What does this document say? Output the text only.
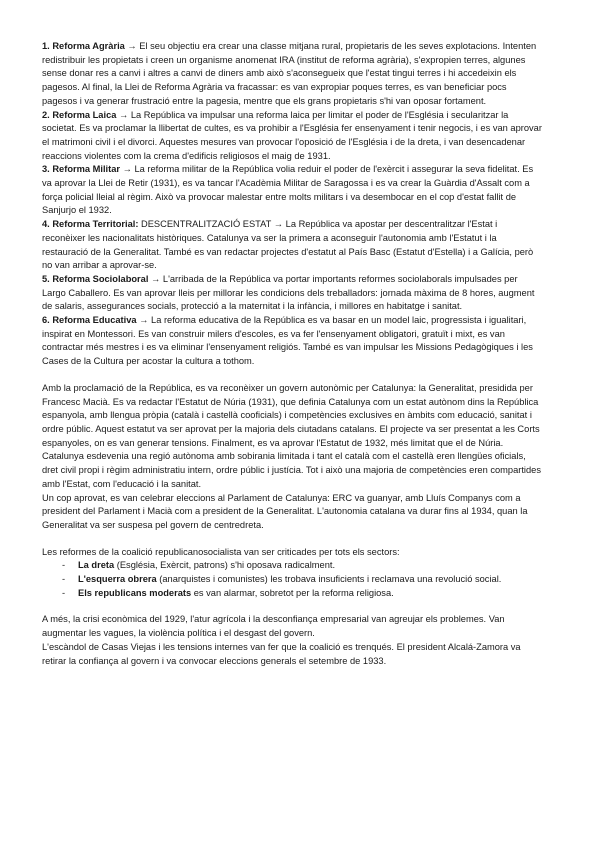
1. Reforma Agrària → El seu objectiu era crear una classe mitjana rural, propietaris de les seves explotacions. Intenten redistribuir les propietats i creen un organisme anomenat IRA (institut de reforma agrària), s'expropien terres, algunes sense donar res a canvi i altres a canvi de diners amb això s'aconsegueix que l'estat tingui terres i hi accedeixin els pagesos. Al final, la Llei de Reforma Agrària va fracassar: es van expropiar poques terres, es van beneficiar pocs pagesos i va generar frustració entre la pagesia, mentre que els grans propietaris s'hi van oposar fortament.

2. Reforma Laica → La República va impulsar una reforma laica per limitar el poder de l'Església i secularitzar la societat. Es va proclamar la llibertat de cultes, es va prohibir a l'Església fer ensenyament i tenir negocis, i es van aprovar el matrimoni civil i el divorci. Aquestes mesures van provocar l'oposició de l'Església i de la dreta, i van desencadenar reaccions violentes com la crema d'edificis religiosos el maig de 1931.

3. Reforma Militar → La reforma militar de la República volia reduir el poder de l'exèrcit i assegurar la seva fidelitat. Es va aprovar la Llei de Retir (1931), es va tancar l'Acadèmia Militar de Saragossa i es va crear la Guàrdia d'Assalt com a força policial lleial al règim. Això va provocar malestar entre molts militars i va desembocar en el cop d'estat fallit de Sanjurjo el 1932.

4. Reforma Territorial: DESCENTRALITZACIÓ ESTAT → La República va apostar per descentralitzar l'Estat i reconèixer les nacionalitats històriques. Catalunya va ser la primera a aconseguir l'autonomia amb l'Estatut i la restauració de la Generalitat. També es van redactar projectes d'estatut al País Basc (Estatut d'Estella) i a Galícia, però no van arribar a aprovar-se.

5. Reforma Sociolaboral → L'arribada de la República va portar importants reformes sociolaborals impulsades per Largo Caballero. Es van aprovar lleis per millorar les condicions dels treballadors: jornada màxima de 8 hores, augment de salaris, assegurances socials, protecció a la maternitat i la infància, i millores en habitatge i sanitat.

6. Reforma Educativa → La reforma educativa de la República es va basar en un model laic, progressista i igualitari, inspirat en Montessori. Es van construir milers d'escoles, es va fer l'ensenyament obligatori, gratuït i mixt, es van contractar més mestres i es va eliminar l'ensenyament religiós. També es van impulsar les Missions Pedagògiques i les Cases de la Cultura per acostar la cultura a tothom.

Amb la proclamació de la República, es va reconèixer un govern autonòmic per Catalunya: la Generalitat, presidida per Francesc Macià. Es va redactar l'Estatut de Núria (1931), que definia Catalunya com un estat autònom dins la República espanyola, amb llengua pròpia (català i castellà cooficials) i competències exclusives en àmbits com educació, sanitat i ordre públic. Aquest estatut va ser aprovat per la majoria dels ciutadans catalans. El projecte va ser presentat a les Corts espanyoles, on es van generar tensions. Finalment, es va aprovar l'Estatut de 1932, més limitat que el de Núria. Catalunya esdevenia una regió autònoma amb sobirania limitada i tant el català com el castellà eren llengües oficials, dret civil propi i règim administratiu intern, ordre públic i justícia. Tot i això una majoria de competències eren compartides amb l'Estat, com l'educació i la sanitat.

Un cop aprovat, es van celebrar eleccions al Parlament de Catalunya: ERC va guanyar, amb Lluís Companys com a president del Parlament i Macià com a president de la Generalitat. L'autonomia catalana va durar fins al 1934, quan la Generalitat va ser suspesa pel govern de centredreta.

Les reformes de la coalició republicanosocialista van ser criticades per tots els sectors:

- La dreta (Església, Exèrcit, patrons) s'hi oposava radicalment.
- L'esquerra obrera (anarquistes i comunistes) les trobava insuficients i reclamava una revolució social.
- Els republicans moderats es van alarmar, sobretot per la reforma religiosa.

A més, la crisi econòmica del 1929, l'atur agrícola i la desconfiança empresarial van agreujar els problemes. Van augmentar les vagues, la violència política i el desgast del govern.

L'escàndol de Casas Viejas i les tensions internes van fer que la coalició es trenqués. El president Alcalá-Zamora va retirar la confiança al govern i va convocar eleccions generals el setembre de 1933.
